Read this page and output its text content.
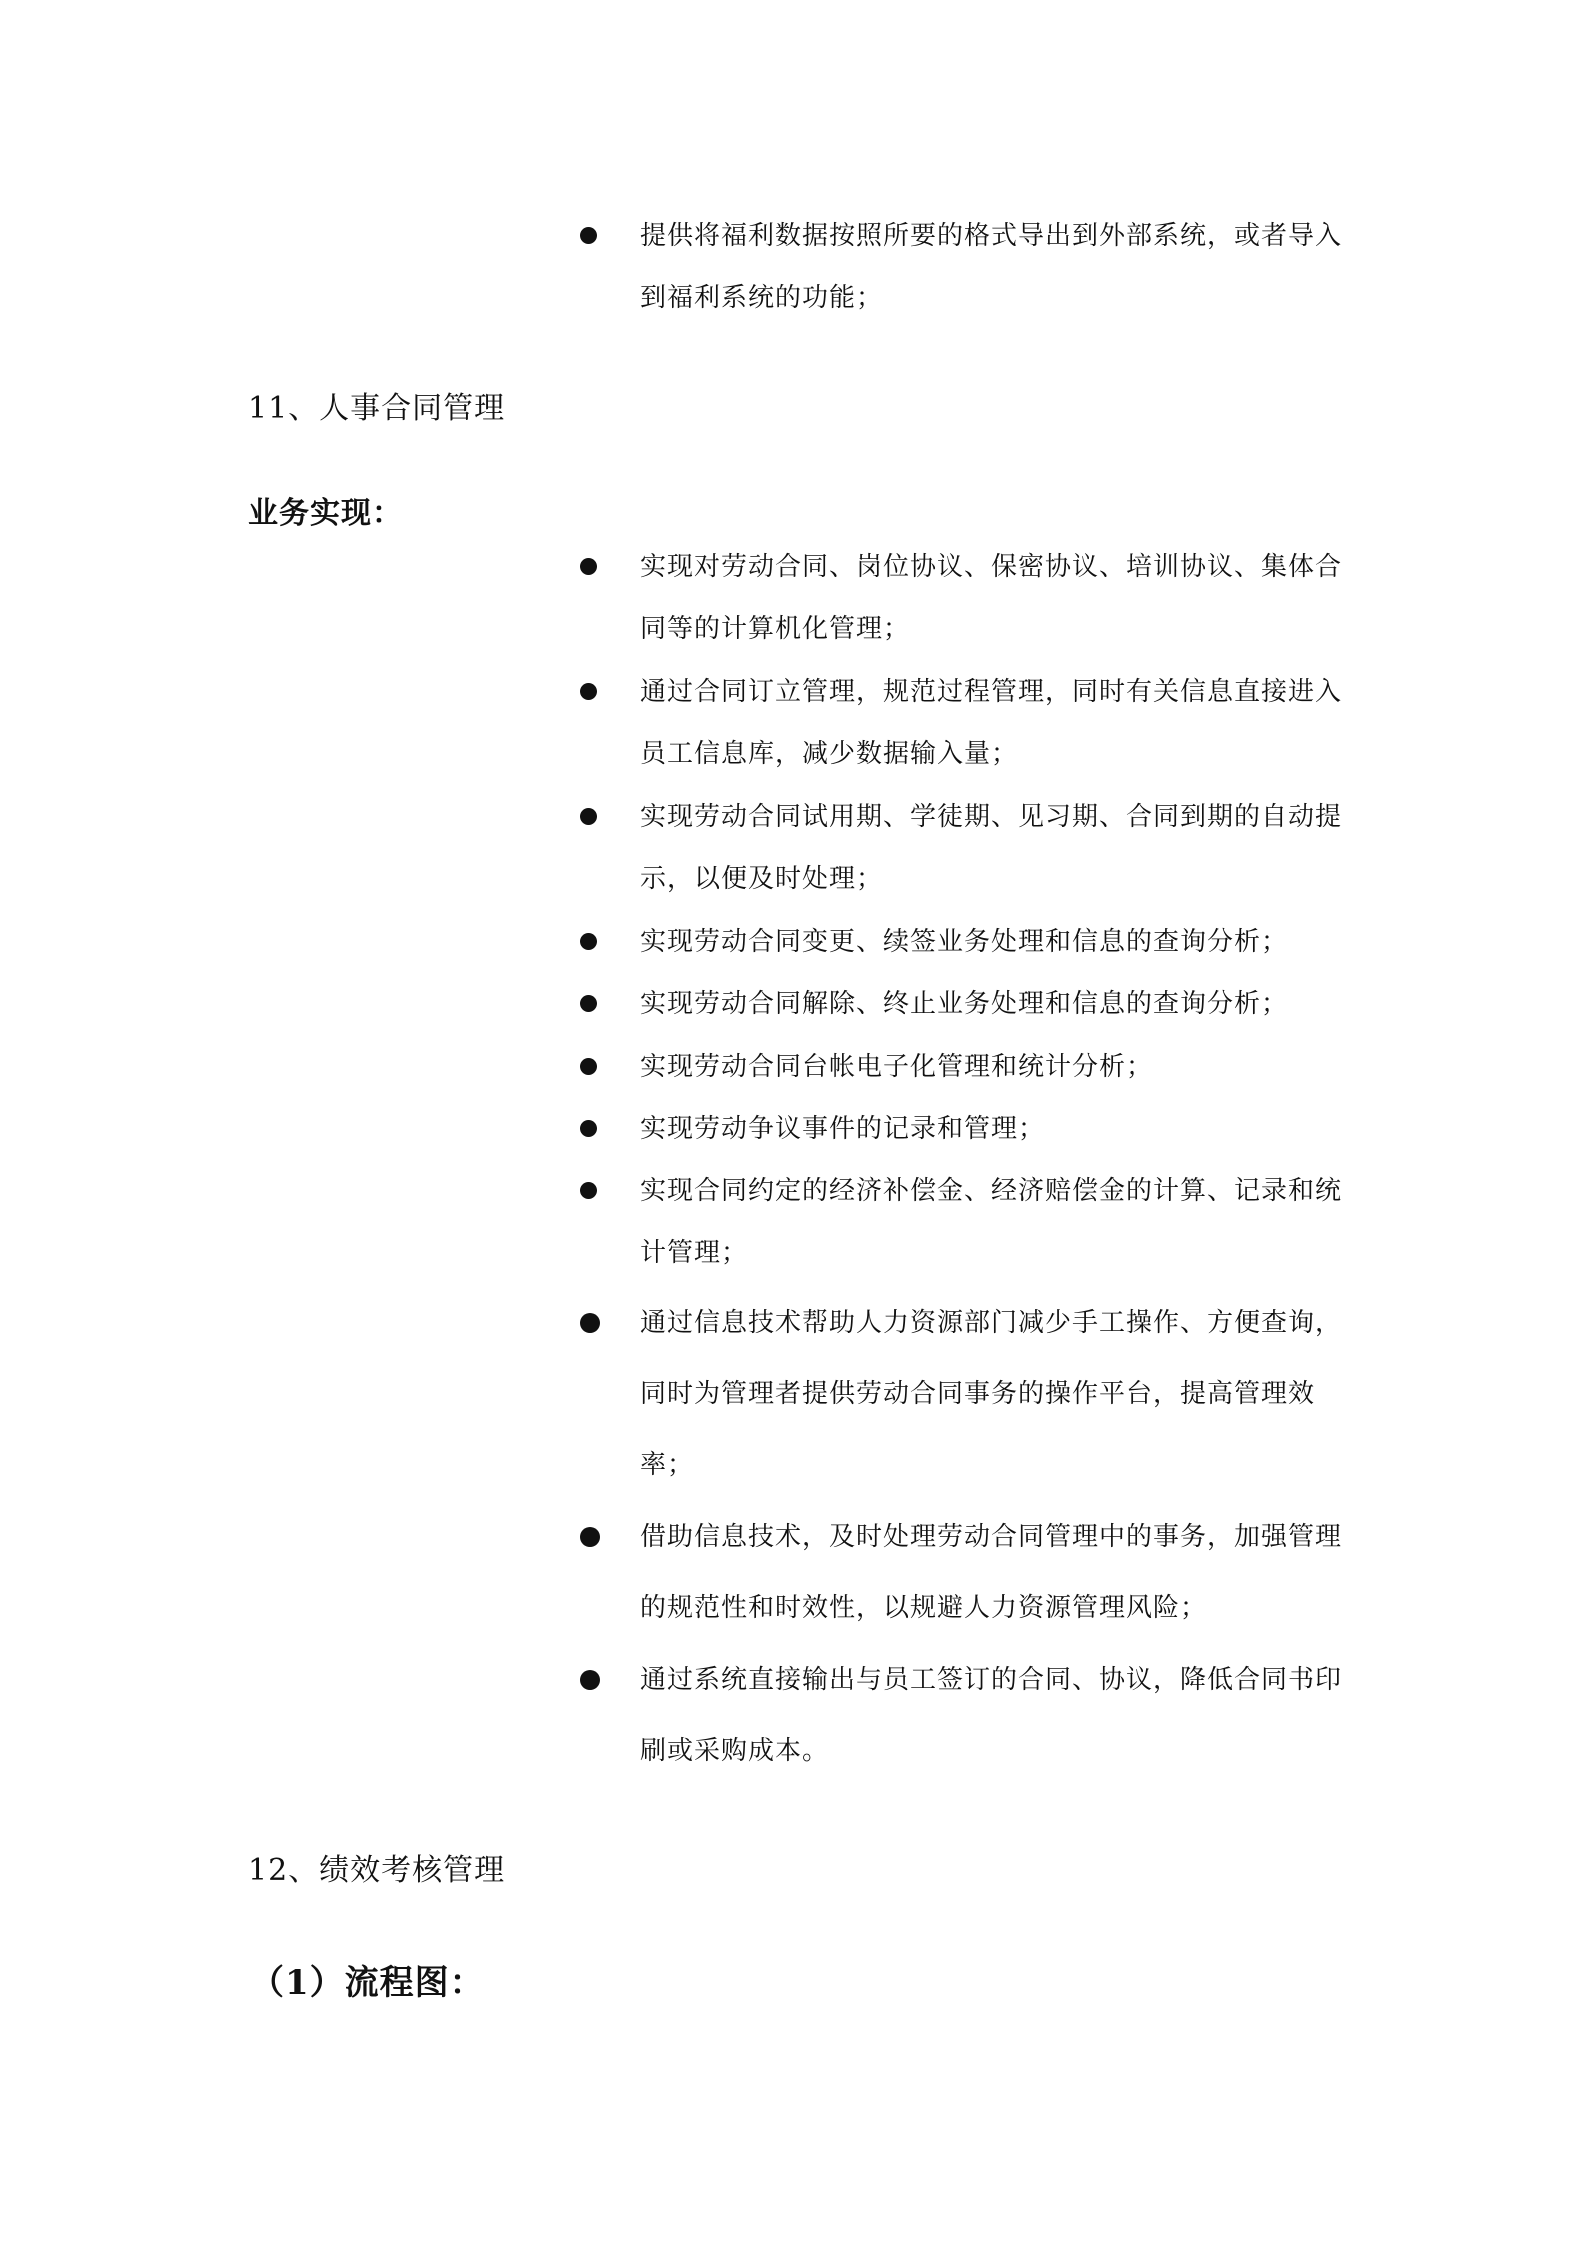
提供将福利数据按照所要的格式导出到外部系统，或者导入
到福利系统的功能；
11、人事合同管理
业务实现：
实现对劳动合同、岗位协议、保密协议、培训协议、集体合
同等的计算机化管理；
通过合同订立管理，规范过程管理，同时有关信息直接进入
员工信息库，减少数据输入量；
实现劳动合同试用期、学徒期、见习期、合同到期的自动提
示，以便及时处理；
实现劳动合同变更、续签业务处理和信息的查询分析；
实现劳动合同解除、终止业务处理和信息的查询分析；
实现劳动合同台帐电子化管理和统计分析；
实现劳动争议事件的记录和管理；
实现合同约定的经济补偿金、经济赔偿金的计算、记录和统
计管理；
通过信息技术帮助人力资源部门减少手工操作、方便查询，
同时为管理者提供劳动合同事务的操作平台，提高管理效
率；
借助信息技术，及时处理劳动合同管理中的事务，加强管理
的规范性和时效性，以规避人力资源管理风险；
通过系统直接输出与员工签订的合同、协议，降低合同书印
刷或采购成本。
12、绩效考核管理
（1）流程图：
